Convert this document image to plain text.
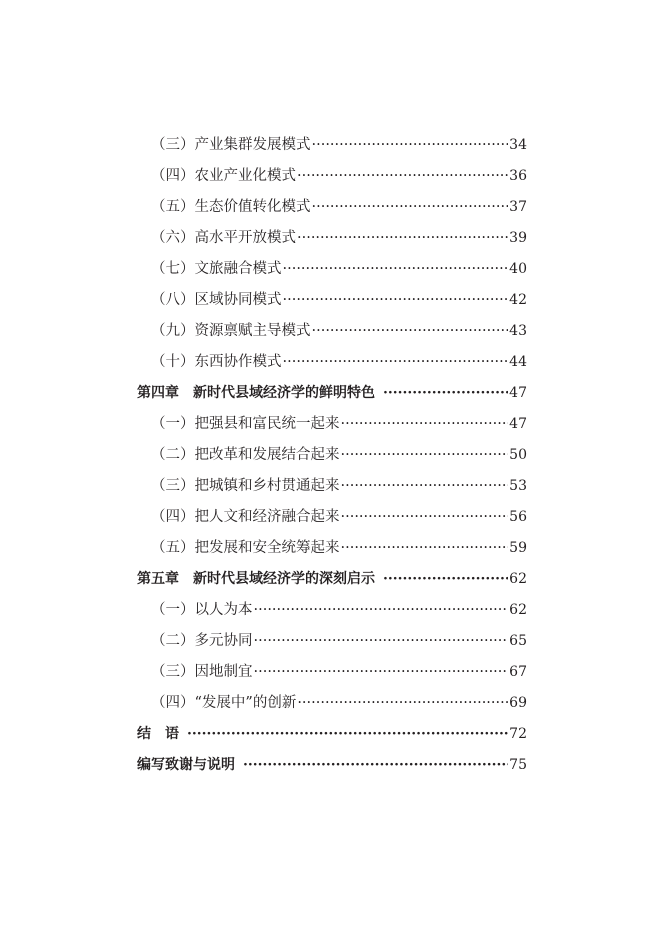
（三）产业集群发展模式 ·····	34
（四）农业产业化模式 ·····	36
（五）生态价值转化模式 ·····	37
（六）高水平开放模式 ·····	39
（七）文旅融合模式 ·····	40
（八）区域协同模式 ·····	42
（九）资源禀赋主导模式 ·····	43
（十）东西协作模式 ·····	44
第四章　新时代县域经济学的鲜明特色 ·····	47
（一）把强县和富民统一起来 ·····	47
（二）把改革和发展结合起来 ·····	50
（三）把城镇和乡村贯通起来 ·····	53
（四）把人文和经济融合起来 ·····	56
（五）把发展和安全统筹起来 ·····	59
第五章　新时代县域经济学的深刻启示 ·····	62
（一）以人为本 ·····	62
（二）多元协同 ·····	65
（三）因地制宜 ·····	67
（四）“发展中”的创新 ·····	69
结　语 ·····	72
编写致谢与说明 ·····	75
